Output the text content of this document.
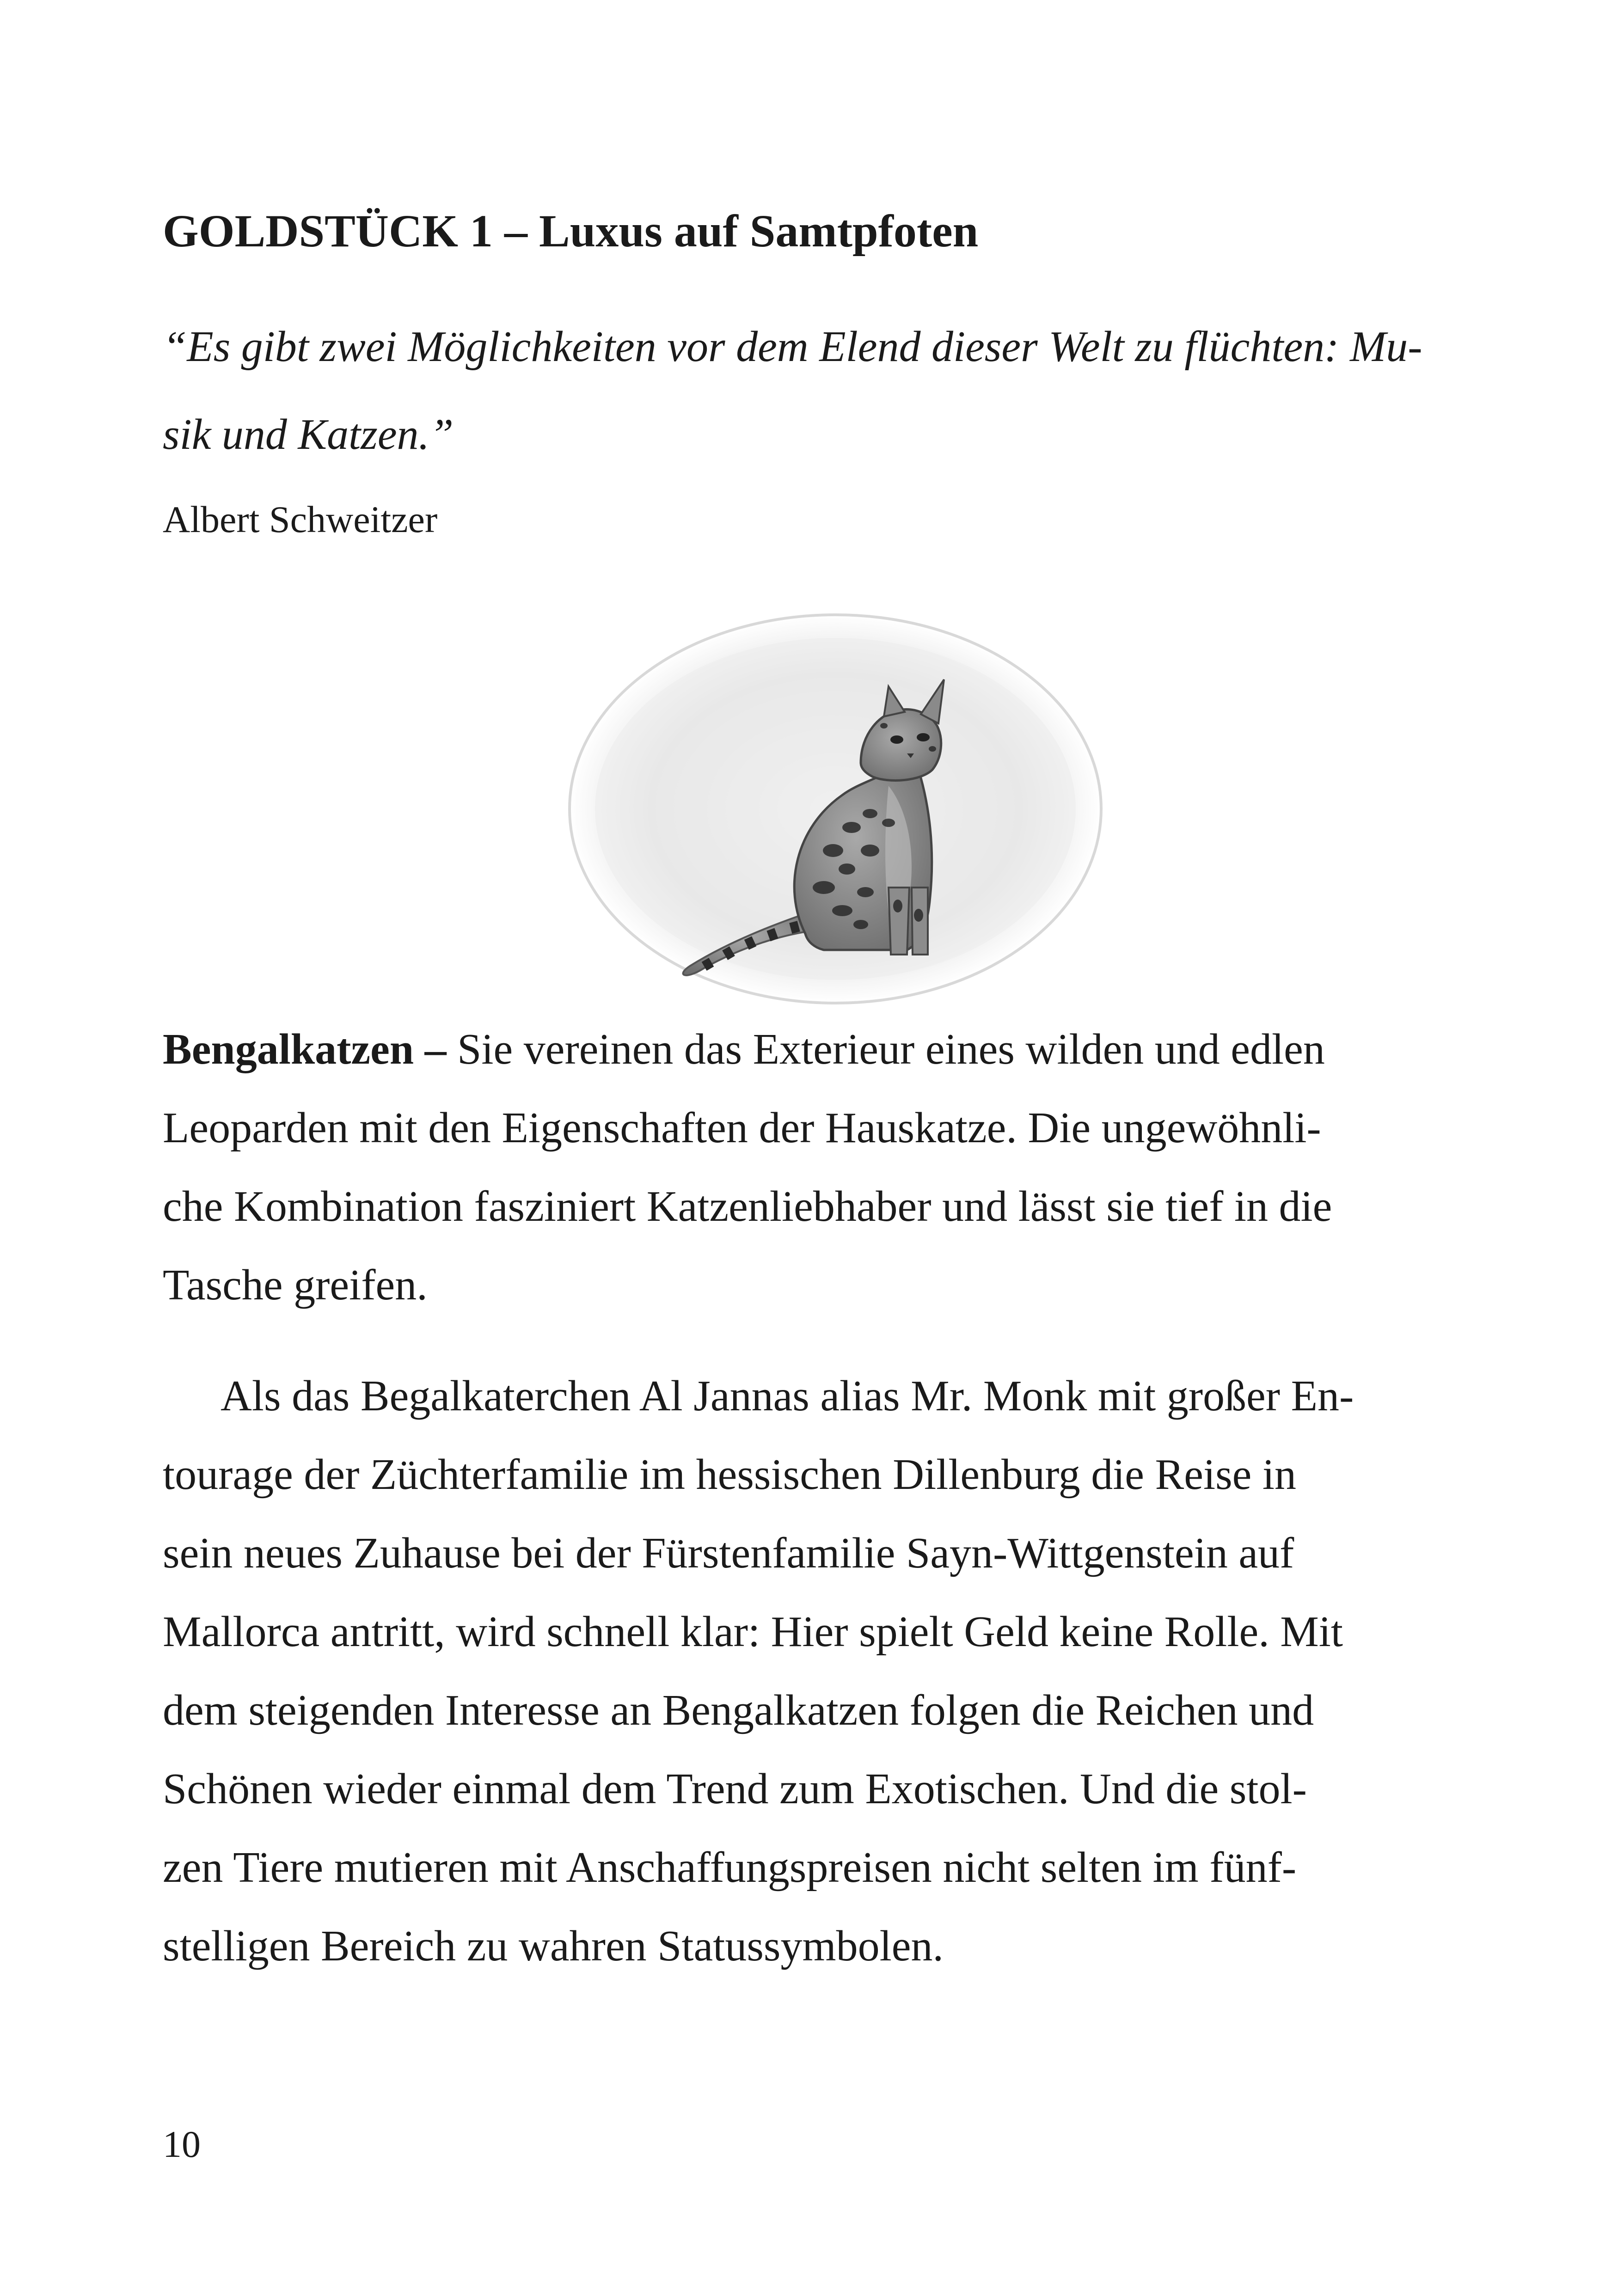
GOLDSTÜCK 1 – Luxus auf Samtpfoten

“Es gibt zwei Möglichkeiten vor dem Elend dieser Welt zu flüchten: Mu-
sik und Katzen.”

Albert Schweitzer

Bengalkatzen – Sie vereinen das Exterieur eines wilden und edlen
Leoparden mit den Eigenschaften der Hauskatze. Die ungewöhnli-
che Kombination fasziniert Katzenliebhaber und lässt sie tief in die
Tasche greifen.

Als das Begalkaterchen Al Jannas alias Mr. Monk mit großer En-
tourage der Züchterfamilie im hessischen Dillenburg die Reise in
sein neues Zuhause bei der Fürstenfamilie Sayn-Wittgenstein auf
Mallorca antritt, wird schnell klar: Hier spielt Geld keine Rolle. Mit
dem steigenden Interesse an Bengalkatzen folgen die Reichen und
Schönen wieder einmal dem Trend zum Exotischen. Und die stol-
zen Tiere mutieren mit Anschaffungspreisen nicht selten im fünf-
stelligen Bereich zu wahren Statussymbolen.

10
